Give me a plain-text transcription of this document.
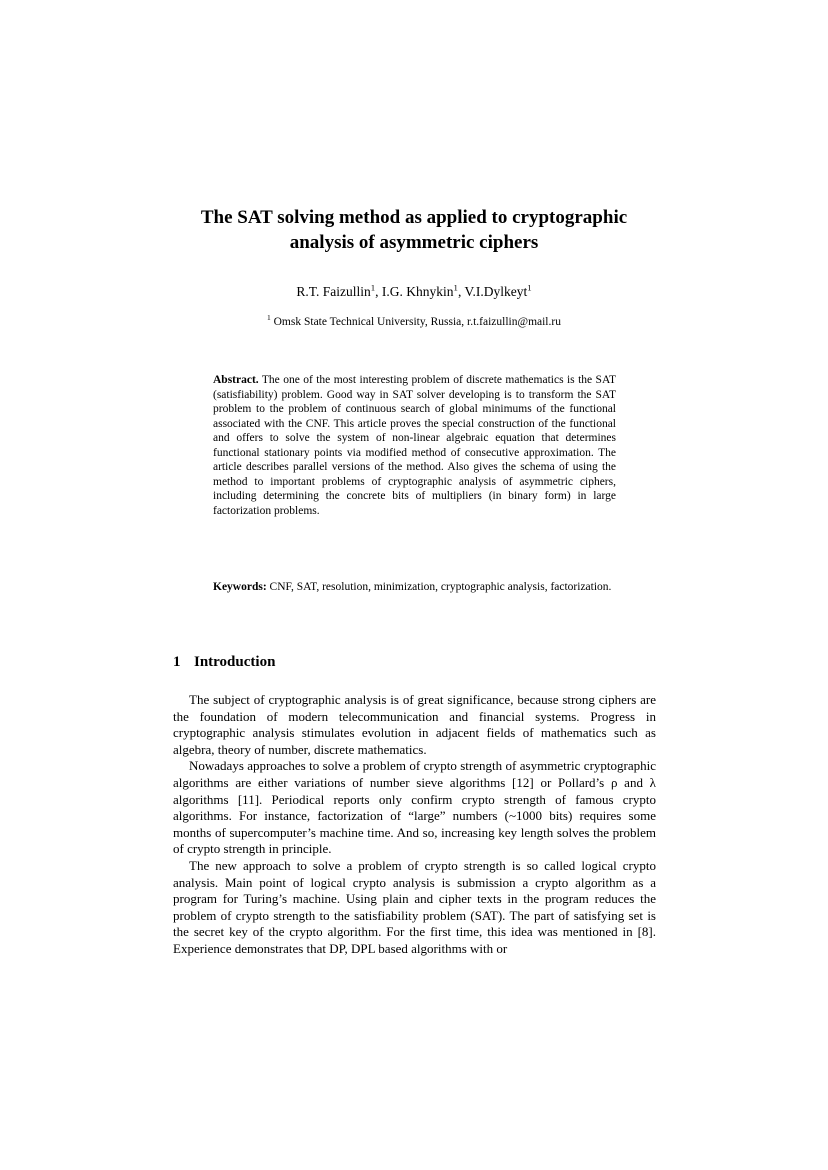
The SAT solving method as applied to cryptographic
analysis of asymmetric ciphers
R.T. Faizullin$^1$, I.G. Khnykin$^1$, V.I.Dylkeyt$^1$
$^1$ Omsk State Technical University, Russia, r.t.faizullin@mail.ru
Abstract. The one of the most interesting problem of discrete mathematics is the SAT (satisfiability) problem. Good way in SAT solver developing is to transform the SAT problem to the problem of continuous search of global minimums of the functional associated with the CNF. This article proves the special construction of the functional and offers to solve the system of non-linear algebraic equation that determines functional stationary points via modified method of consecutive approximation. The article describes parallel versions of the method. Also gives the schema of using the method to important problems of cryptographic analysis of asymmetric ciphers, including determining the concrete bits of multipliers (in binary form) in large factorization problems.
Keywords: CNF, SAT, resolution, minimization, cryptographic analysis, factorization.
1 Introduction

The subject of cryptographic analysis is of great significance, because strong ciphers are the foundation of modern telecommunication and financial systems. Progress in cryptographic analysis stimulates evolution in adjacent fields of mathematics such as algebra, theory of number, discrete mathematics.

Nowadays approaches to solve a problem of crypto strength of asymmetric cryptographic algorithms are either variations of number sieve algorithms [12] or Pollard’s ρ and λ algorithms [11]. Periodical reports only confirm crypto strength of famous crypto algorithms. For instance, factorization of “large” numbers (~1000 bits) requires some months of supercomputer’s machine time. And so, increasing key length solves the problem of crypto strength in principle.

The new approach to solve a problem of crypto strength is so called logical crypto analysis. Main point of logical crypto analysis is submission a crypto algorithm as a program for Turing’s machine. Using plain and cipher texts in the program reduces the problem of crypto strength to the satisfiability problem (SAT). The part of satisfying set is the secret key of the crypto algorithm. For the first time, this idea was mentioned in [8]. Experience demonstrates that DP, DPL based algorithms with or
